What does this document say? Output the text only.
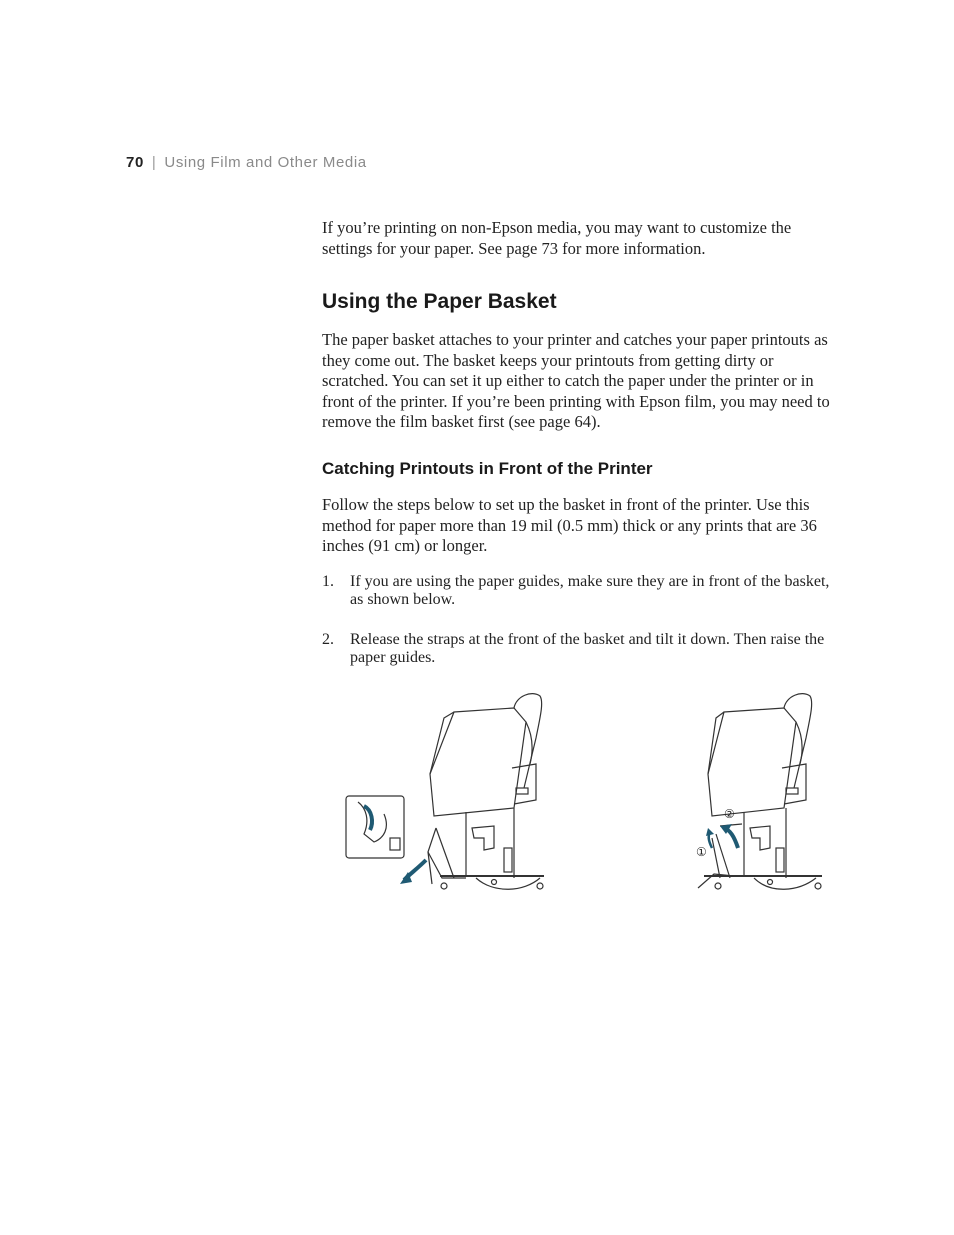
70 | Using Film and Other Media

If you’re printing on non-Epson media, you may want to customize the settings for your paper. See page 73 for more information.

Using the Paper Basket

The paper basket attaches to your printer and catches your paper printouts as they come out. The basket keeps your printouts from getting dirty or scratched. You can set it up either to catch the paper under the printer or in front of the printer. If you’re been printing with Epson film, you may need to remove the film basket first (see page 64).

Catching Printouts in Front of the Printer

Follow the steps below to set up the basket in front of the printer. Use this method for paper more than 19 mil (0.5 mm) thick or any prints that are 36 inches (91 cm) or longer.

1.	If you are using the paper guides, make sure they are in front of the basket, as shown below.
2.	Release the straps at the front of the basket and tilt it down. Then raise the paper guides.
②
①
